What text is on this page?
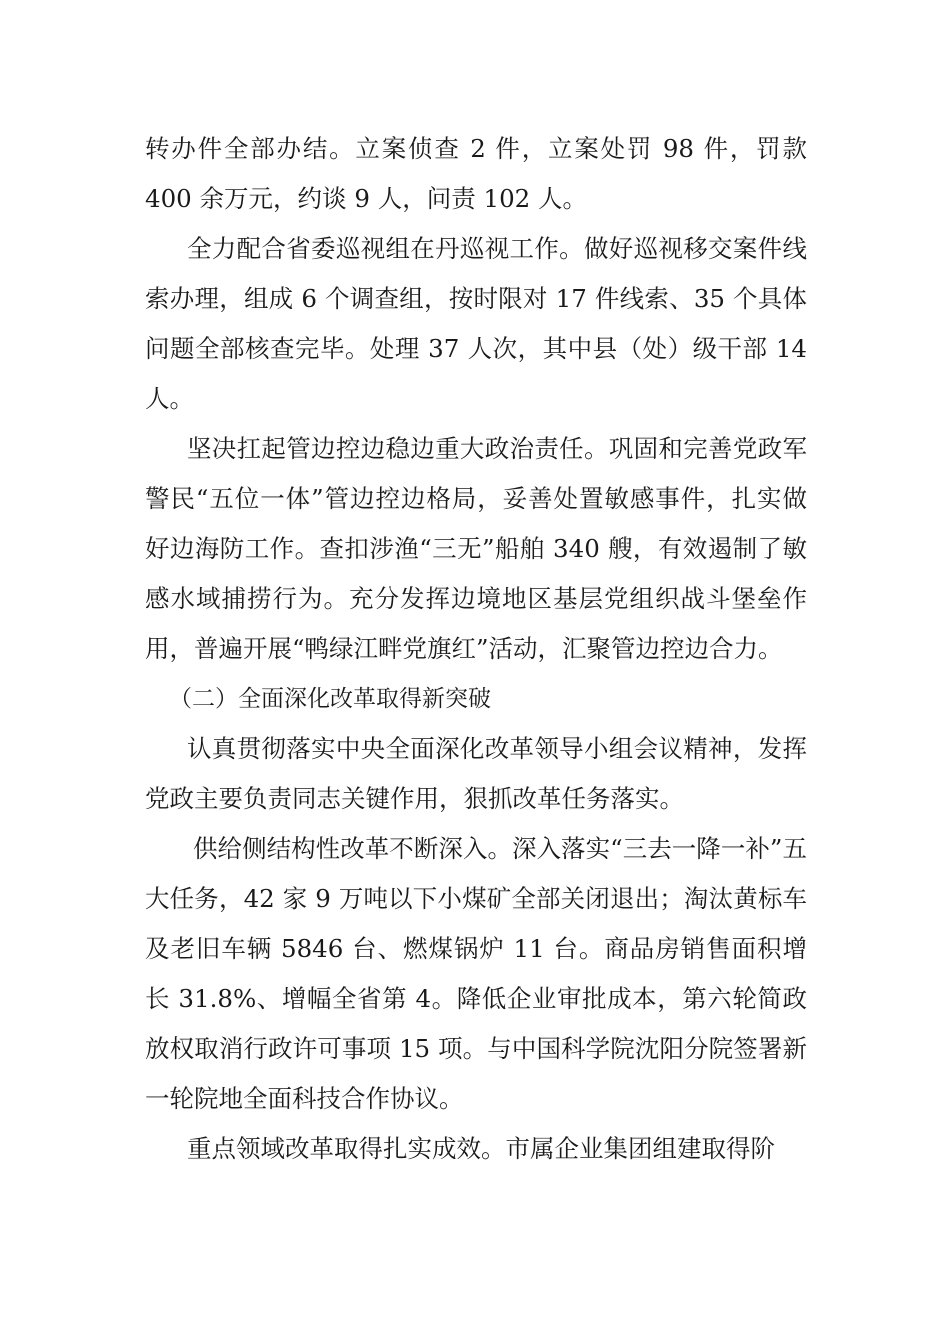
转办件全部办结。立案侦查 2 件，立案处罚 98 件，罚款 400 余万元，约谈 9 人，问责 102 人。

全力配合省委巡视组在丹巡视工作。做好巡视移交案件线索办理，组成 6 个调查组，按时限对 17 件线索、35 个具体问题全部核查完毕。处理 37 人次，其中县（处）级干部 14 人。

坚决扛起管边控边稳边重大政治责任。巩固和完善党政军警民“五位一体”管边控边格局，妥善处置敏感事件，扎实做好边海防工作。查扣涉渔“三无”船舶 340 艘，有效遏制了敏感水域捕捞行为。充分发挥边境地区基层党组织战斗堡垒作用，普遍开展“鸭绿江畔党旗红”活动，汇聚管边控边合力。

（二）全面深化改革取得新突破

认真贯彻落实中央全面深化改革领导小组会议精神，发挥党政主要负责同志关键作用，狠抓改革任务落实。

供给侧结构性改革不断深入。深入落实“三去一降一补”五大任务，42 家 9 万吨以下小煤矿全部关闭退出；淘汰黄标车及老旧车辆 5846 台、燃煤锅炉 11 台。商品房销售面积增长 31.8%、增幅全省第 4。降低企业审批成本，第六轮简政放权取消行政许可事项 15 项。与中国科学院沈阳分院签署新一轮院地全面科技合作协议。

重点领域改革取得扎实成效。市属企业集团组建取得阶
